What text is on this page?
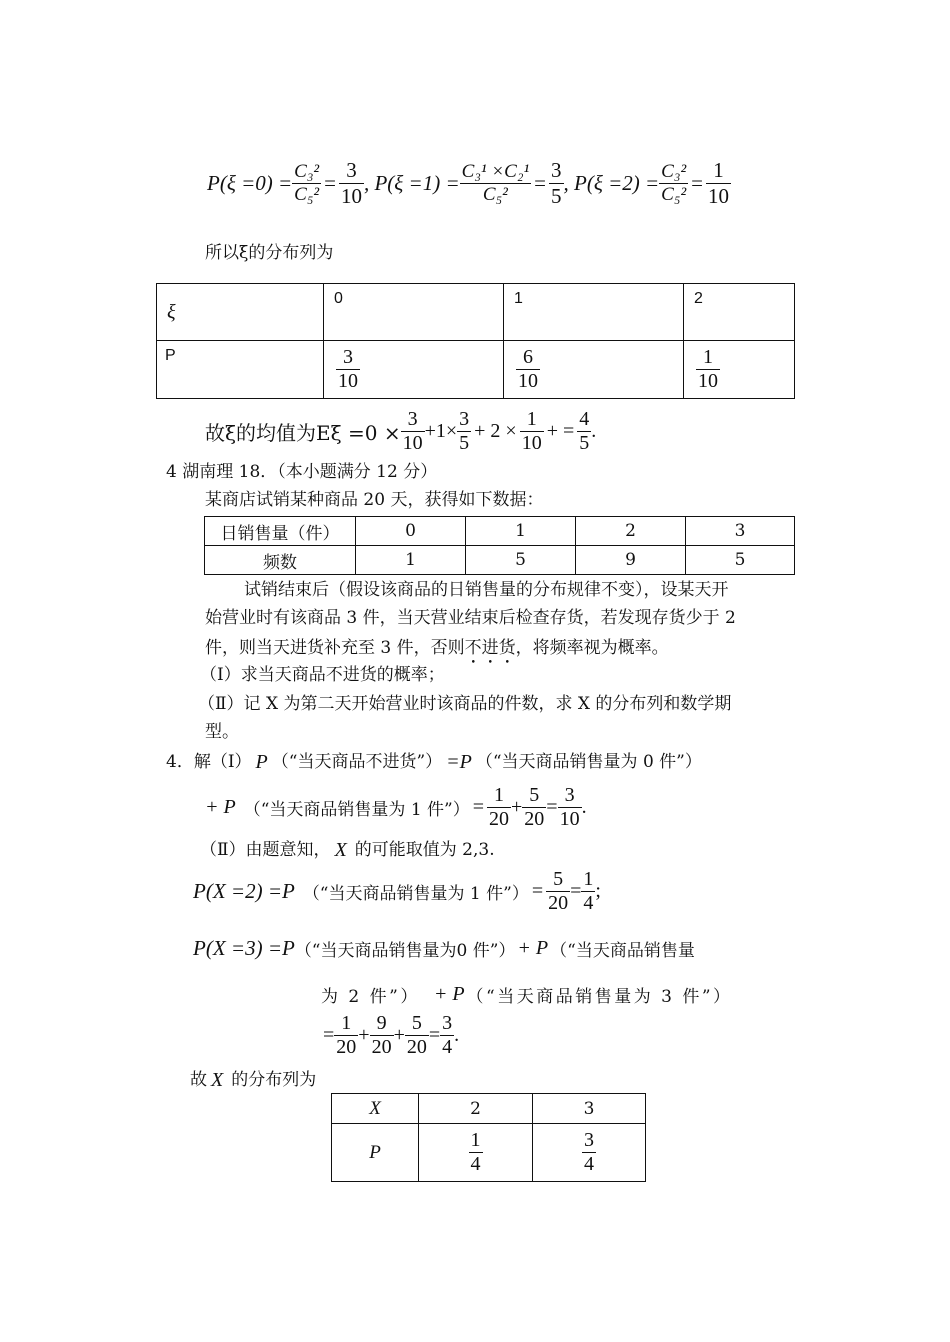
$P(\xi =0) = \frac{\text{C₃²}}{\text{C₅²}} = \frac{3}{10}$ , $P(\xi =1) = \frac{\text{C₃¹ ×C₂¹}}{\text{C₅²}} = \frac{3}{5}$ , $P(\xi =2) = \frac{\text{C₃²}}{\text{C₅²}} = \frac{1}{10}$
所以ξ的分布列为
ξ	0	1	2
P	$\frac{3}{10}$	$\frac{6}{10}$	$\frac{1}{10}$
故ξ的均值为$E\xi =0 \times \frac{3}{10} +1\times \frac{3}{5} + 2 \times \frac{1}{10}$ + = $\frac{4}{5}$ .
4 湖南理 18．（本小题满分 12 分）
某商店试销某种商品 20 天，获得如下数据：
日销售量（件）	0	1	2	3
频数	1	5	9	5
试销结束后（假设该商品的日销售量的分布规律不变），设某天开
始营业时有该商品 3 件，当天营业结束后检查存货，若发现存货少于 2
件，则当天进货补充至 3 件，否则不进货，将频率视为概率。
（Ⅰ）求当天商品不进货的概率；
（Ⅱ）记 X 为第二天开始营业时该商品的件数，求 X 的分布列和数学期
型。
4．解（I） P （“当天商品不进货”） =P （“当天商品销售量为 0 件”）
+ P （“当天商品销售量为 1 件”） = $\frac{1}{20} + \frac{5}{20} = \frac{3}{10}$ .
（Ⅱ）由题意知， X 的可能取值为 2,3.
P(X =2) =P （“当天商品销售量为 1 件”） = $\frac{5}{20} = \frac{1}{4}$ ;
P(X =3) =P （“当天商品销售量为0 件”） + P （“当天商品销售量
为 2 件”） + P （“当天商品销售量为 3 件”）
= $\frac{1}{20} + \frac{9}{20} + \frac{5}{20} = \frac{3}{4}$ .
故 X 的分布列为
X	2	3
P	$\frac{1}{4}$	$\frac{3}{4}$
